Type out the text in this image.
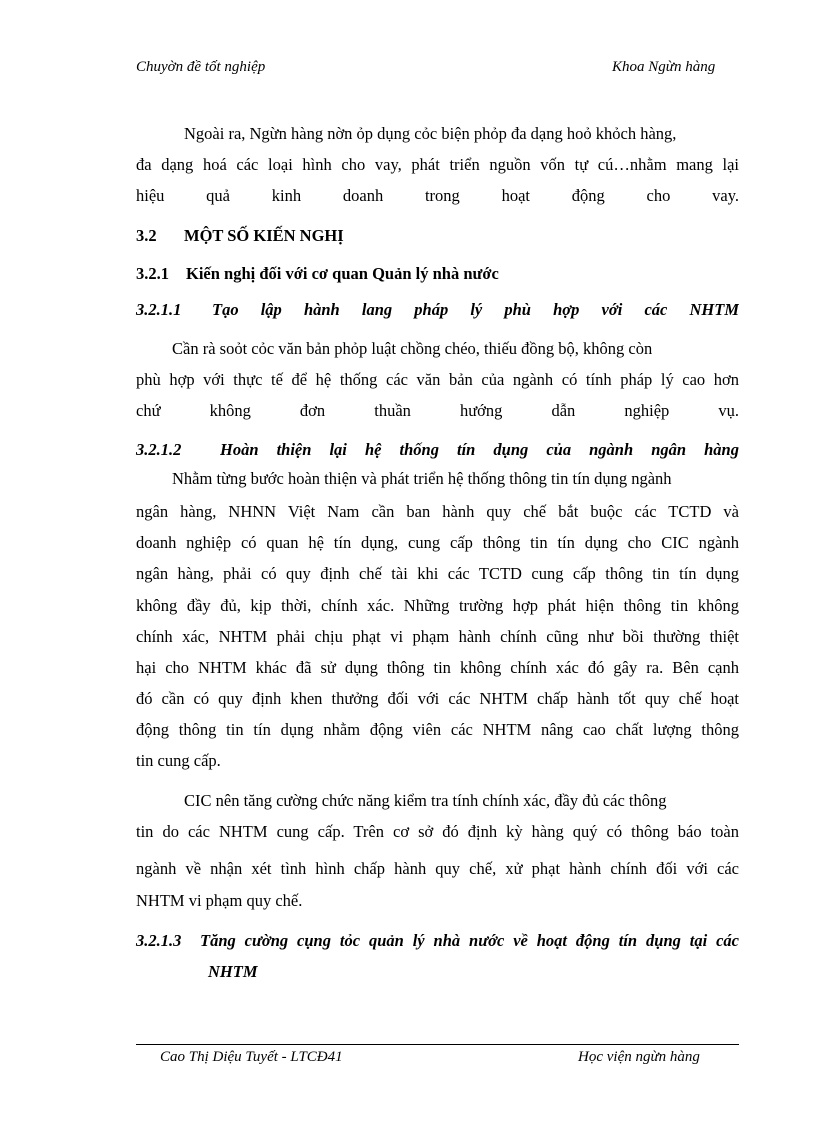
Chuyờn đề tốt nghiệp	Khoa Ngừn hàng
Ngoài ra, Ngừn hàng nờn ỏp dụng cỏc biện phỏp đa dạng hoỏ khỏch hàng,
đa dạng hoá các loại hình cho vay, phát triển nguồn vốn tự cú…nhằm mang lại
hiệu quả kinh doanh trong hoạt động cho vay.
3.2 MỘT SỐ KIẾN NGHỊ
3.2.1 Kiến nghị đối với cơ quan Quản lý nhà nước
3.2.1.1 Tạo lập hành lang pháp lý phù hợp với các NHTM
Cần rà soỏt cỏc văn bản phỏp luật chồng chéo, thiếu đồng bộ, không còn
phù hợp với thực tế để hệ thống các văn bản của ngành có tính pháp lý cao hơn
chứ không đơn thuần hướng dẫn nghiệp vụ.
3.2.1.2 Hoàn thiện lại hệ thống tín dụng của ngành ngân hàng
Nhằm từng bước hoàn thiện và phát triển hệ thống thông tin tín dụng ngành
ngân hàng, NHNN Việt Nam cần ban hành quy chế bắt buộc các TCTD và
doanh nghiệp có quan hệ tín dụng, cung cấp thông tin tín dụng cho CIC ngành
ngân hàng, phải có quy định chế tài khi các TCTD cung cấp thông tin tín dụng
không đầy đủ, kịp thời, chính xác. Những trường hợp phát hiện thông tin không
chính xác, NHTM phải chịu phạt vi phạm hành chính cũng như bồi thường thiệt
hại cho NHTM khác đã sử dụng thông tin không chính xác đó gây ra. Bên cạnh
đó cần có quy định khen thưởng đối với các NHTM chấp hành tốt quy chế hoạt
động thông tin tín dụng nhằm động viên các NHTM nâng cao chất lượng thông
tin cung cấp.
CIC nên tăng cường chức năng kiểm tra tính chính xác, đầy đủ các thông
tin do các NHTM cung cấp. Trên cơ sở đó định kỳ hàng quý có thông báo toàn
ngành về nhận xét tình hình chấp hành quy chế, xử phạt hành chính đối với các
NHTM vi phạm quy chế.
3.2.1.3 Tăng cường cụng tỏc quản lý nhà nước về hoạt động tín dụng tại các
NHTM
Cao Thị Diệu Tuyết - LTCĐ41	Học viện ngừn hàng
